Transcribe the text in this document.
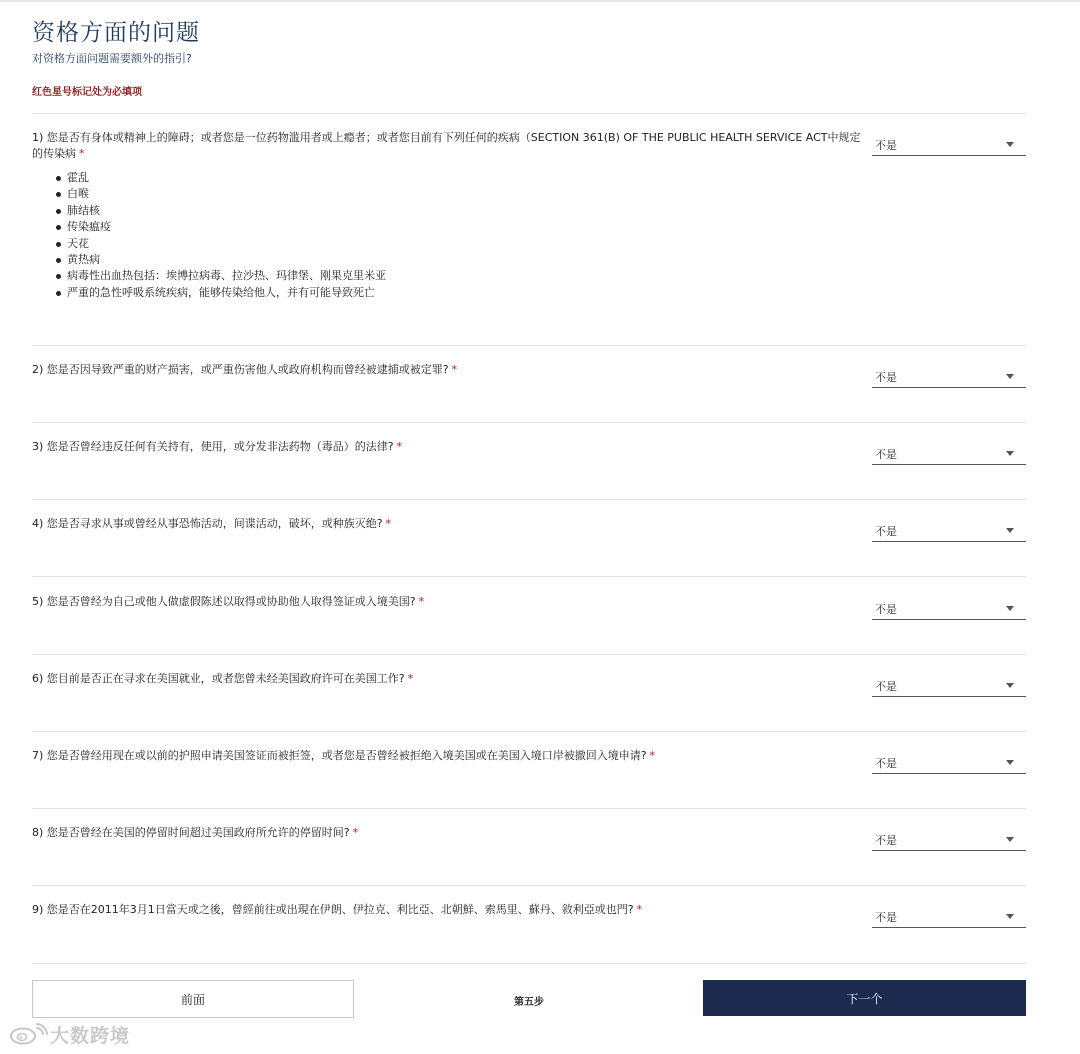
资格方面的问题
对资格方面问题需要额外的指引?
红色星号标记处为必填项
1) 您是否有身体或精神上的障碍；或者您是一位药物滥用者或上瘾者；或者您目前有下列任何的疾病（SECTION 361(B) OF THE PUBLIC HEALTH SERVICE ACT中规定的传染病 *
霍乱
白喉
肺结核
传染瘟疫
天花
黄热病
病毒性出血热包括：埃博拉病毒、拉沙热、玛律堡、刚果克里米亚
严重的急性呼吸系统疾病，能够传染给他人，并有可能导致死亡
不是
2) 您是否因导致严重的财产损害，或严重伤害他人或政府机构而曾经被逮捕或被定罪? *
不是
3) 您是否曾经违反任何有关持有，使用，或分发非法药物（毒品）的法律? *
不是
4) 您是否寻求从事或曾经从事恐怖活动，间谍活动，破坏，或种族灭绝? *
不是
5) 您是否曾经为自己或他人做虚假陈述以取得或协助他人取得签证或入境美国? *
不是
6) 您目前是否正在寻求在美国就业，或者您曾未经美国政府许可在美国工作? *
不是
7) 您是否曾经用现在或以前的护照申请美国签证而被拒签，或者您是否曾经被拒绝入境美国或在美国入境口岸被撤回入境申请? *
不是
8) 您是否曾经在美国的停留时间超过美国政府所允许的停留时间? *
不是
9) 您是否在2011年3月1日當天或之後，曾經前往或出現在伊朗、伊拉克、利比亞、北朝鮮、索馬里、蘇丹、敘利亞或也門? *
不是
前面	第五步	下一个
大数跨境
